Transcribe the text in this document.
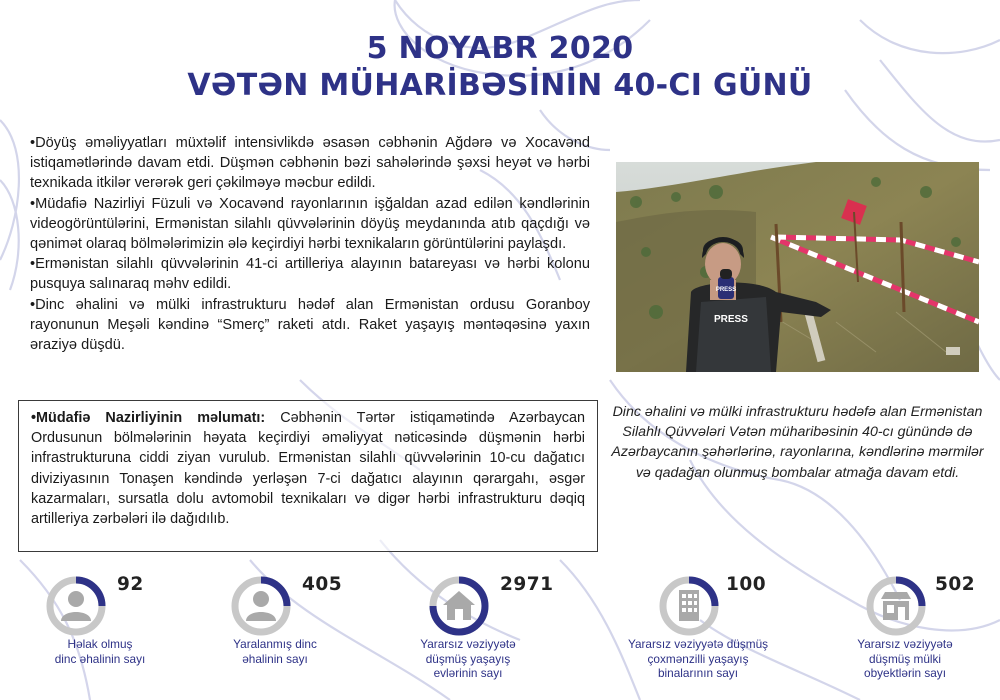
5 NOYABR 2020
VƏTƏN MÜHARİBƏSİNİN 40-CI GÜNÜ

•Döyüş əməliyyatları müxtəlif intensivlikdə əsasən cəbhənin Ağdərə və Xocavənd istiqamətlərində davam etdi. Düşmən cəbhənin bəzi sahələrində şəxsi heyət və hərbi texnikada itkilər verərək geri çəkilməyə məcbur edildi.

•Müdafiə Nazirliyi Füzuli və Xocavənd rayonlarının işğaldan azad edilən kəndlərinin videogörüntülərini, Ermənistan silahlı qüvvələrinin döyüş meydanında atıb qaçdığı və qənimət olaraq bölmələrimizin ələ keçirdiyi hərbi texnikaların görüntülərini paylaşdı.

•Ermənistan silahlı qüvvələrinin 41-ci artilleriya alayının batareyası və hərbi kolonu pusquya salınaraq məhv edildi.

•Dinc əhalini və mülki infrastrukturu hədəf alan Ermənistan ordusu Goranboy rayonunun Meşəli kəndinə “Smerç” raketi atdı. Raket yaşayış məntəqəsinə yaxın əraziyə düşdü.

•Müdafiə Nazirliyinin məlumatı: Cəbhənin Tərtər istiqamətində Azərbaycan Ordusunun bölmələrinin həyata keçirdiyi əməliyyat nəticəsində düşmənin hərbi infrastrukturuna ciddi ziyan vurulub. Ermənistan silahlı qüvvələrinin 10-cu dağatıcı diviziyasının Tonaşen kəndində yerləşən 7-ci dağatıcı alayının qərargahı, əsgər kazarmaları, sursatla dolu avtomobil texnikaları və digər hərbi infrastrukturu dəqiq artilleriya zərbələri ilə dağıdılıb.
PRESS
PRESS
Dinc əhalini və mülki infrastrukturu hədəfə alan Ermənistan Silahlı Qüvvələri Vətən müharibəsinin 40-cı günündə də Azərbaycanın şəhərlərinə, rayonlarına, kəndlərinə mərmilər və qadağan olunmuş bombalar atmağa davam etdi.
92
Həlak olmuş
dinc əhalinin sayı
405
Yaralanmış dinc
əhalinin sayı
2971
Yararsız vəziyyətə
düşmüş yaşayış
evlərinin sayı
100
Yararsız vəziyyətə düşmüş
çoxmənzilli yaşayış
binalarının sayı
502
Yararsız vəziyyətə
düşmüş mülki
obyektlərin sayı
